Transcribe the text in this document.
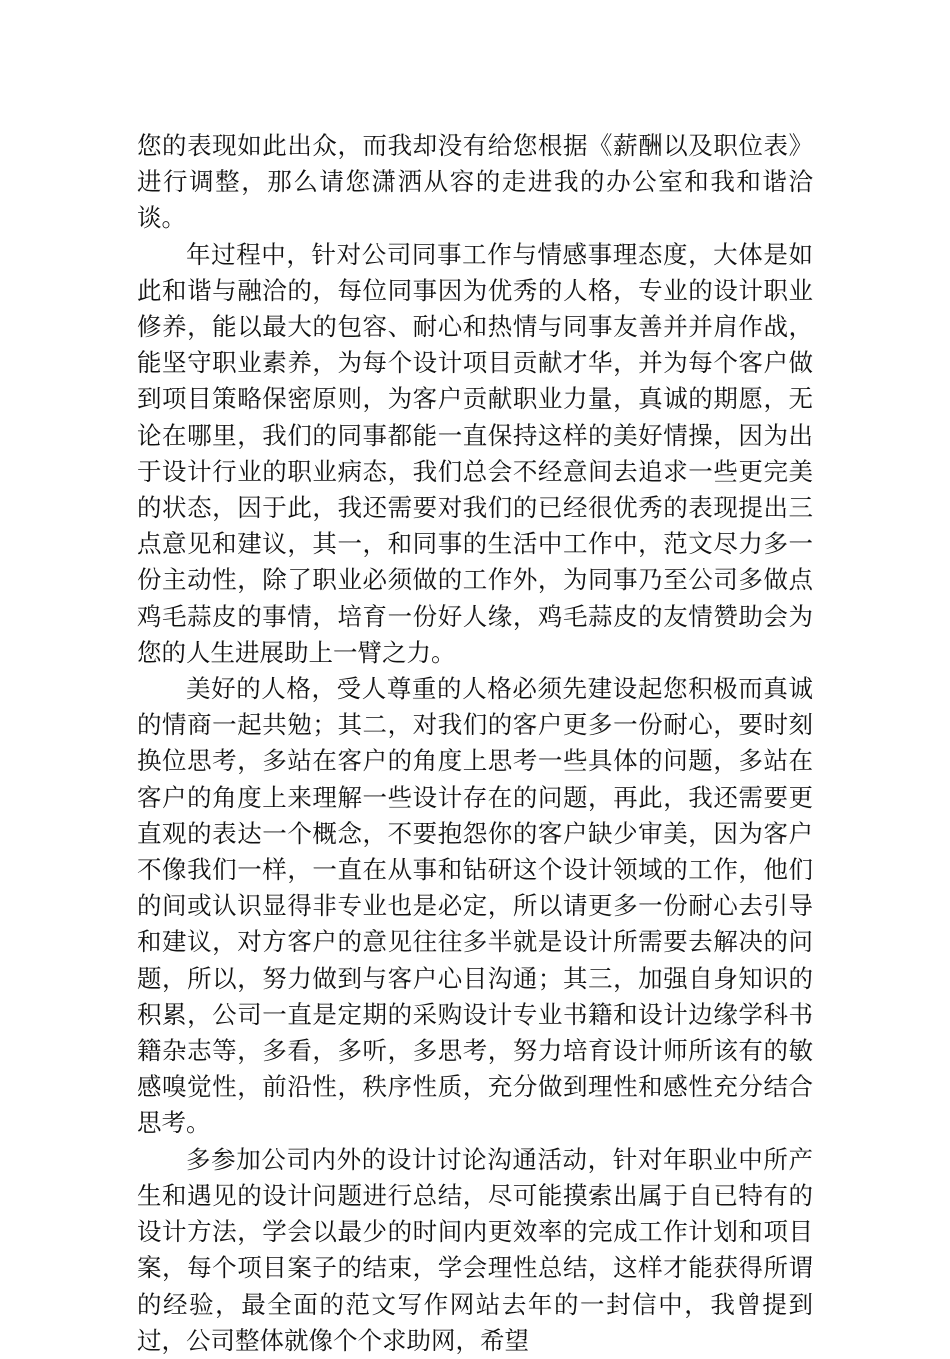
您的表现如此出众，而我却没有给您根据《薪酬以及职位表》进行调整，那么请您潇洒从容的走进我的办公室和我和谐洽谈。

年过程中，针对公司同事工作与情感事理态度，大体是如此和谐与融洽的，每位同事因为优秀的人格，专业的设计职业修养，能以最大的包容、耐心和热情与同事友善并并肩作战，能坚守职业素养，为每个设计项目贡献才华，并为每个客户做到项目策略保密原则，为客户贡献职业力量，真诚的期愿，无论在哪里，我们的同事都能一直保持这样的美好情操，因为出于设计行业的职业病态，我们总会不经意间去追求一些更完美的状态，因于此，我还需要对我们的已经很优秀的表现提出三点意见和建议，其一，和同事的生活中工作中，范文尽力多一份主动性，除了职业必须做的工作外，为同事乃至公司多做点鸡毛蒜皮的事情，培育一份好人缘，鸡毛蒜皮的友情赞助会为您的人生进展助上一臂之力。

美好的人格，受人尊重的人格必须先建设起您积极而真诚的情商一起共勉；其二，对我们的客户更多一份耐心，要时刻换位思考，多站在客户的角度上思考一些具体的问题，多站在客户的角度上来理解一些设计存在的问题，再此，我还需要更直观的表达一个概念，不要抱怨你的客户缺少审美，因为客户不像我们一样，一直在从事和钻研这个设计领域的工作，他们的间或认识显得非专业也是必定，所以请更多一份耐心去引导和建议，对方客户的意见往往多半就是设计所需要去解决的问题，所以，努力做到与客户心目沟通；其三，加强自身知识的积累，公司一直是定期的采购设计专业书籍和设计边缘学科书籍杂志等，多看，多听，多思考，努力培育设计师所该有的敏感嗅觉性，前沿性，秩序性质，充分做到理性和感性充分结合思考。

多参加公司内外的设计讨论沟通活动，针对年职业中所产生和遇见的设计问题进行总结，尽可能摸索出属于自已特有的设计方法，学会以最少的时间内更效率的完成工作计划和项目案，每个项目案子的结束，学会理性总结，这样才能获得所谓的经验，最全面的范文写作网站去年的一封信中，我曾提到过，公司整体就像个个求助网，希望
